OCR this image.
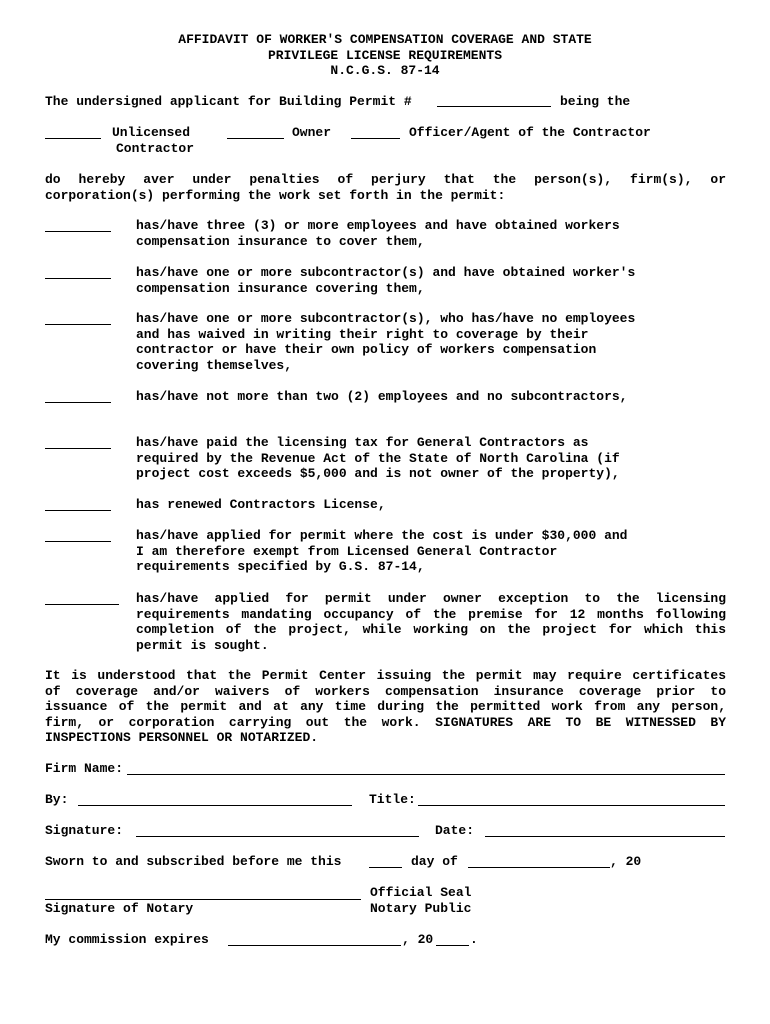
AFFIDAVIT OF WORKER'S COMPENSATION COVERAGE AND STATE
PRIVILEGE LICENSE REQUIREMENTS
N.C.G.S. 87-14
The undersigned applicant for Building Permit #	being the
Unlicensed
Contractor
Owner	Officer/Agent of the Contractor
do hereby aver under penalties of perjury that the person(s), firm(s), or
corporation(s) performing the work set forth in the permit:
has/have three (3) or more employees and have obtained workers
compensation insurance to cover them,
has/have one or more subcontractor(s) and have obtained worker's
compensation insurance covering them,
has/have one or more subcontractor(s), who has/have no employees
and has waived in writing their right to coverage by their
contractor or have their own policy of workers compensation
covering themselves,
has/have not more than two (2) employees and no subcontractors,
has/have paid the licensing tax for General Contractors as
required by the Revenue Act of the State of North Carolina (if
project cost exceeds $5,000 and is not owner of the property),
has renewed Contractors License,
has/have applied for permit where the cost is under $30,000 and
I am therefore exempt from Licensed General Contractor
requirements specified by G.S. 87-14,
has/have applied for permit under owner exception to the licensing
requirements mandating occupancy of the premise for 12 months following
completion of the project, while working on the project for which this
permit is sought.
It is understood that the Permit Center issuing the permit may require certificates
of coverage and/or waivers of workers compensation insurance coverage prior to
issuance of the permit and at any time during the permitted work from any person,
firm, or corporation carrying out the work. SIGNATURES ARE TO BE WITNESSED BY
INSPECTIONS PERSONNEL OR NOTARIZED.
Firm Name:
By:	Title:
Signature:	Date:
Sworn to and subscribed before me this	day of	, 20
Signature of Notary
Official Seal
Notary Public
My commission expires	, 20	.
